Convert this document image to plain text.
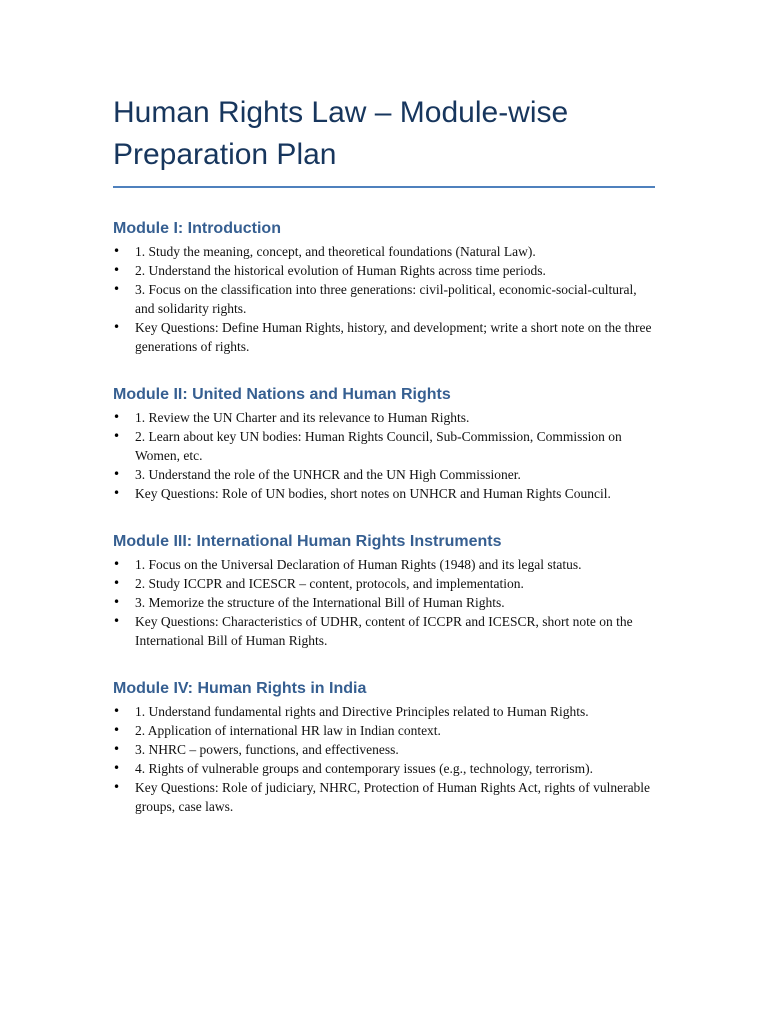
Human Rights Law – Module-wise
Preparation Plan
Module I: Introduction
• 1. Study the meaning, concept, and theoretical foundations (Natural Law).
• 2. Understand the historical evolution of Human Rights across time periods.
• 3. Focus on the classification into three generations: civil-political, economic-social-cultural, and solidarity rights.
• Key Questions: Define Human Rights, history, and development; write a short note on the three generations of rights.
Module II: United Nations and Human Rights
• 1. Review the UN Charter and its relevance to Human Rights.
• 2. Learn about key UN bodies: Human Rights Council, Sub-Commission, Commission on Women, etc.
• 3. Understand the role of the UNHCR and the UN High Commissioner.
• Key Questions: Role of UN bodies, short notes on UNHCR and Human Rights Council.
Module III: International Human Rights Instruments
• 1. Focus on the Universal Declaration of Human Rights (1948) and its legal status.
• 2. Study ICCPR and ICESCR – content, protocols, and implementation.
• 3. Memorize the structure of the International Bill of Human Rights.
• Key Questions: Characteristics of UDHR, content of ICCPR and ICESCR, short note on the International Bill of Human Rights.
Module IV: Human Rights in India
• 1. Understand fundamental rights and Directive Principles related to Human Rights.
• 2. Application of international HR law in Indian context.
• 3. NHRC – powers, functions, and effectiveness.
• 4. Rights of vulnerable groups and contemporary issues (e.g., technology, terrorism).
• Key Questions: Role of judiciary, NHRC, Protection of Human Rights Act, rights of vulnerable groups, case laws.
